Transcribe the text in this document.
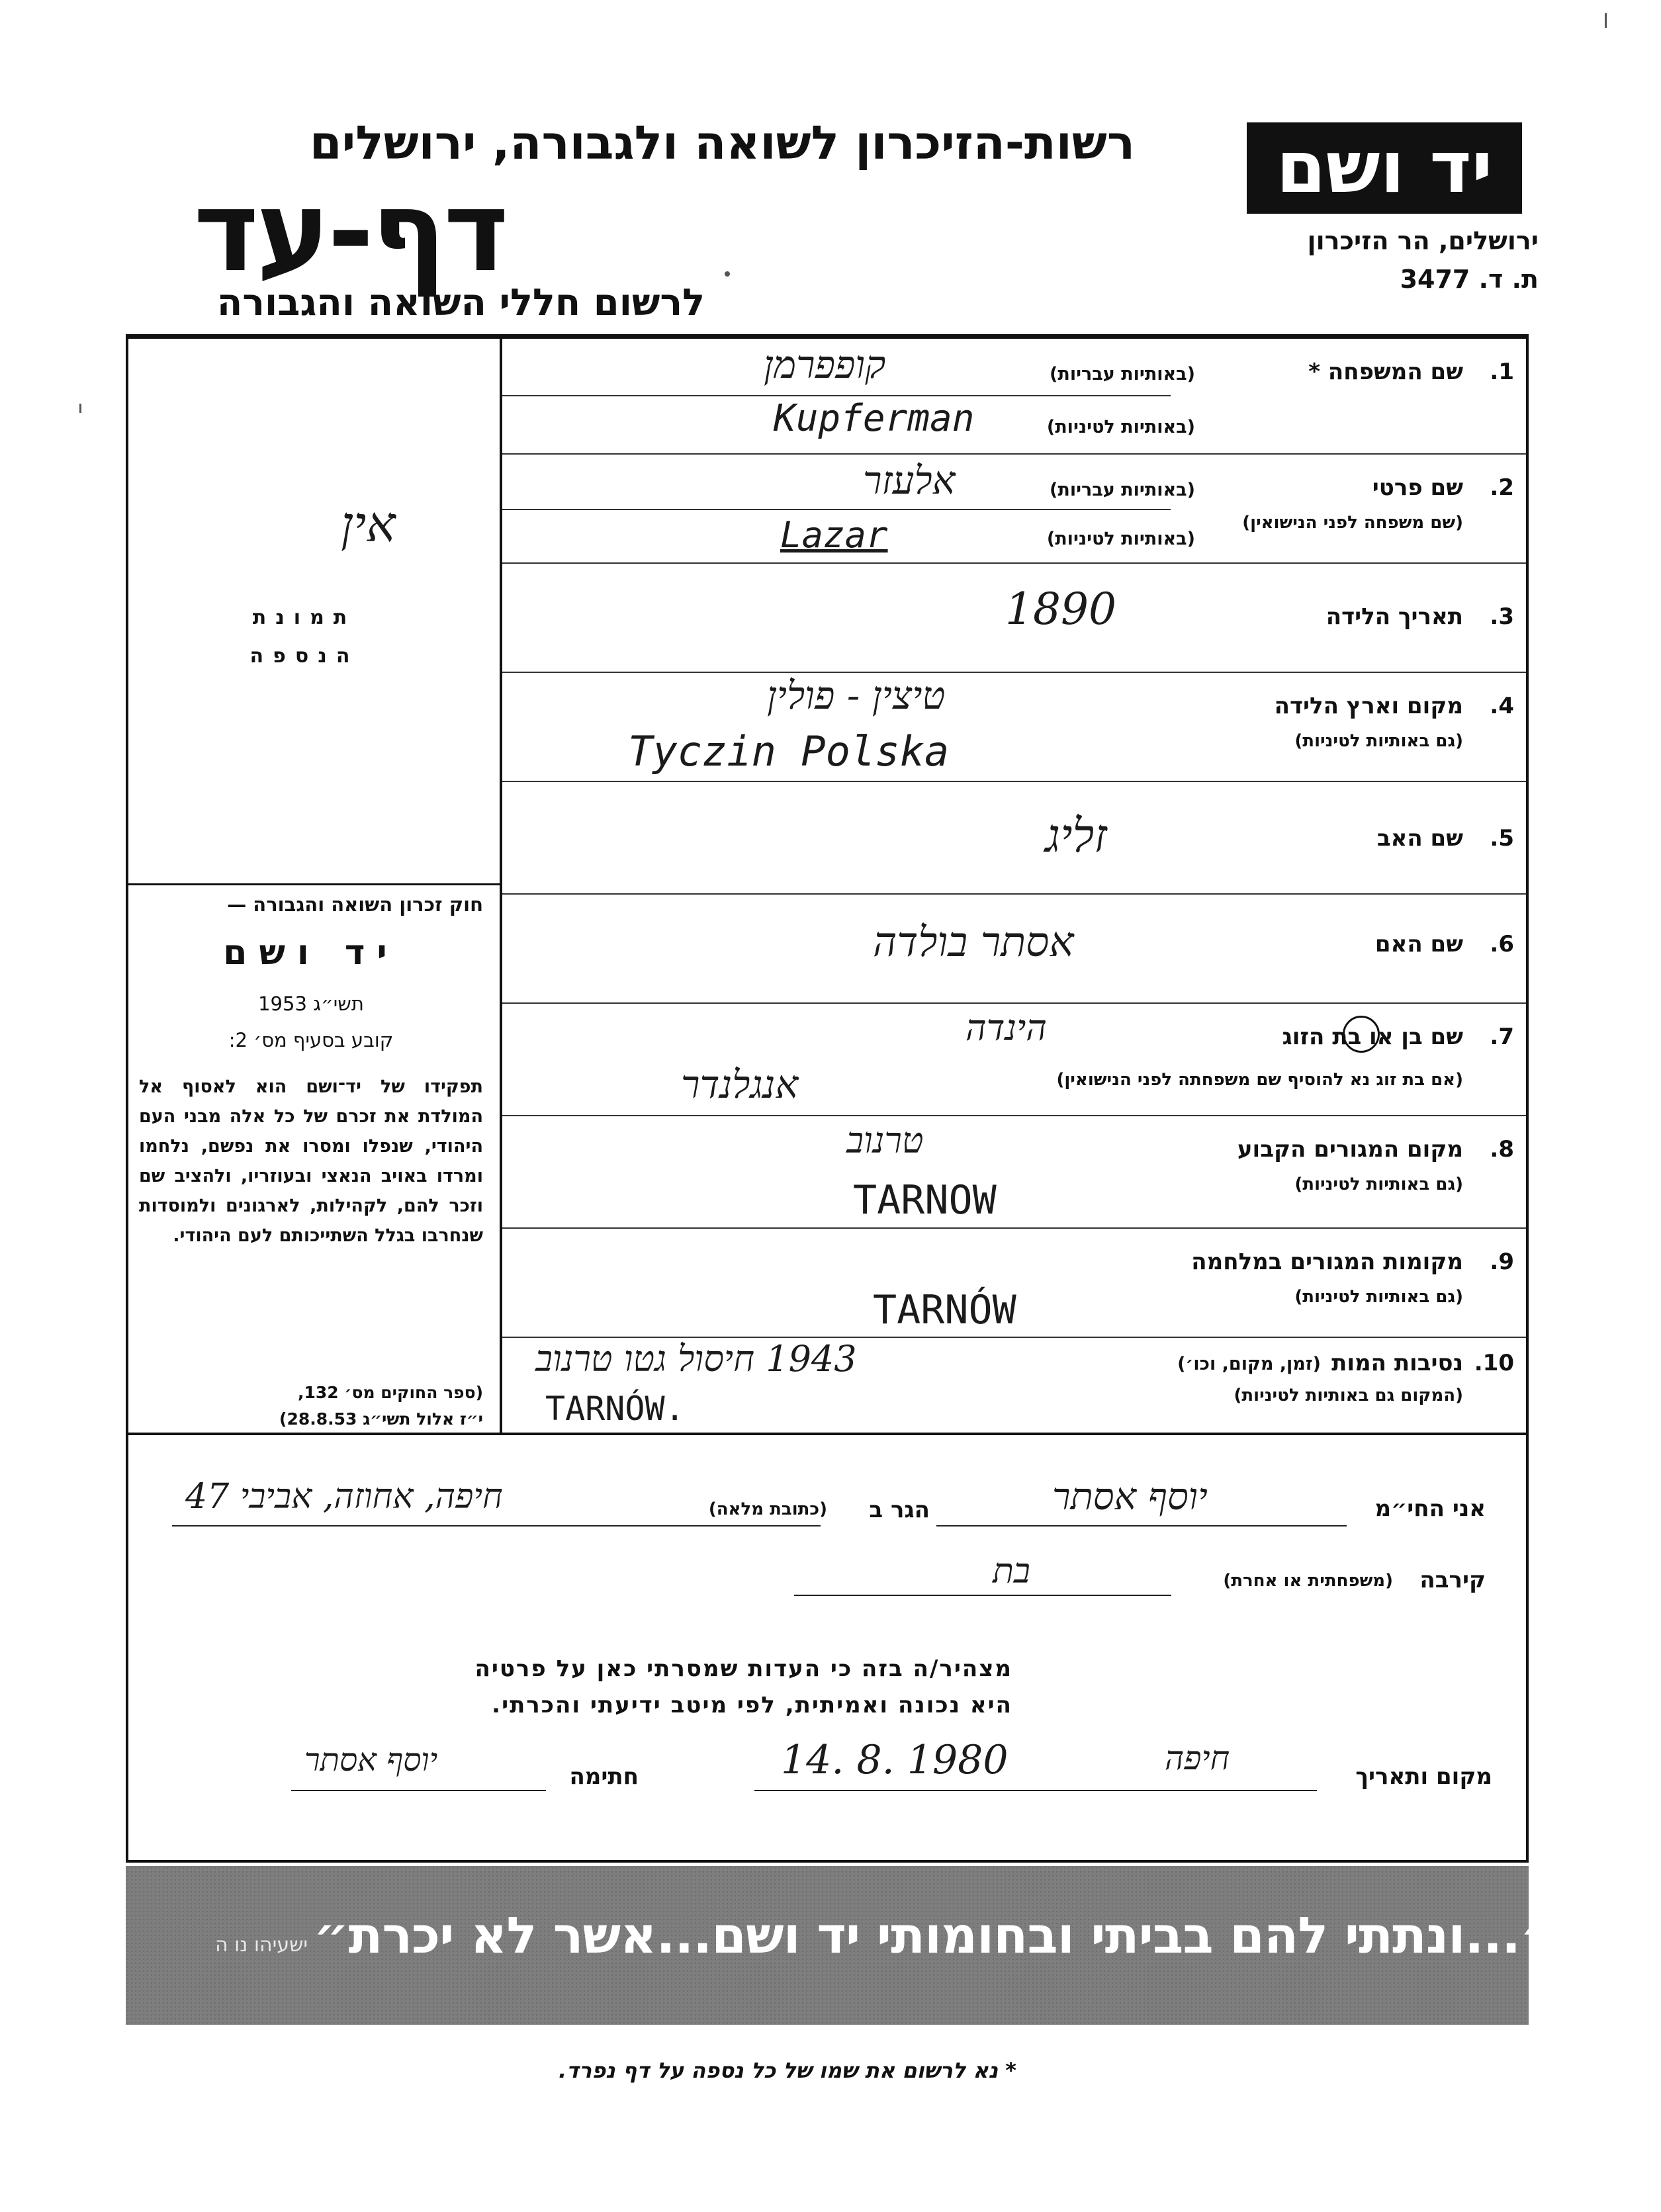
יד ושם
ירושלים, הר הזיכרון
ת. ד. 3477
רשות-הזיכרון לשואה ולגבורה, ירושלים
דף-עד
לרשום חללי השואה והגבורה
אין
תמונת
הנספה
חוק זכרון השואה והגבורה —
יד ושם
תשי״ג 1953
קובע בסעיף מס׳ 2:
תפקידו של יד־ושם הוא לאסוף אל המולדת את זכרם של כל אלה מבני העם היהודי, שנפלו ומסרו את נפשם, נלחמו ומרדו באויב הנאצי ובעוזריו, ולהציב שם וזכר להם, לקהילות, לארגונים ולמוסדות שנחרבו בגלל השתייכותם לעם היהודי.
(ספר החוקים מס׳ 132,
י״ז אלול תשי״ג 28.8.53)
1.
שם המשפחה *
(באותיות עבריות)
(באותיות לטיניות)
קופפרמן
Kupferman
2.
שם פרטי
(שם משפחה לפני הנישואין)
(באותיות עבריות)
(באותיות לטיניות)
אלעזר
Lazar
3.
תאריך הלידה
1890
4.
מקום וארץ הלידה
(גם באותיות לטיניות)
טיצין - פולין
Tyczin Polska
5.
שם האב
זליג
6.
שם האם
אסתר בולדה
7.
שם בן או בת הזוג
(אם בת זוג נא להוסיף שם משפחתה לפני הנישואין)
הינדה
אנגלנדר
8.
מקום המגורים הקבוע
(גם באותיות לטיניות)
טרנוב
TARNOW
9.
מקומות המגורים במלחמה
(גם באותיות לטיניות)
TARNÓW
10.
נסיבות המות
(זמן, מקום, וכו׳)
(המקום גם באותיות לטיניות)
1943 חיסול גטו טרנוב
TARNÓW.
אני החי״מ
יוסף אסתר
הגר ב
(כתובת מלאה)
חיפה, אחוזה, אביבי 47
קירבה
(משפחתית או אחרת)
בת
מצהיר/ה בזה כי העדות שמסרתי כאן על פרטיה
היא נכונה ואמיתית, לפי מיטב ידיעתי והכרתי.
מקום ותאריך
חיפה
14. 8. 1980
חתימה
יוסף אסתר
״...ונתתי להם בביתי ובחומותי יד ושם...אשר לא יכרת״
ישעיהו נו ה
* נא לרשום את שמו של כל נספה על דף נפרד.
